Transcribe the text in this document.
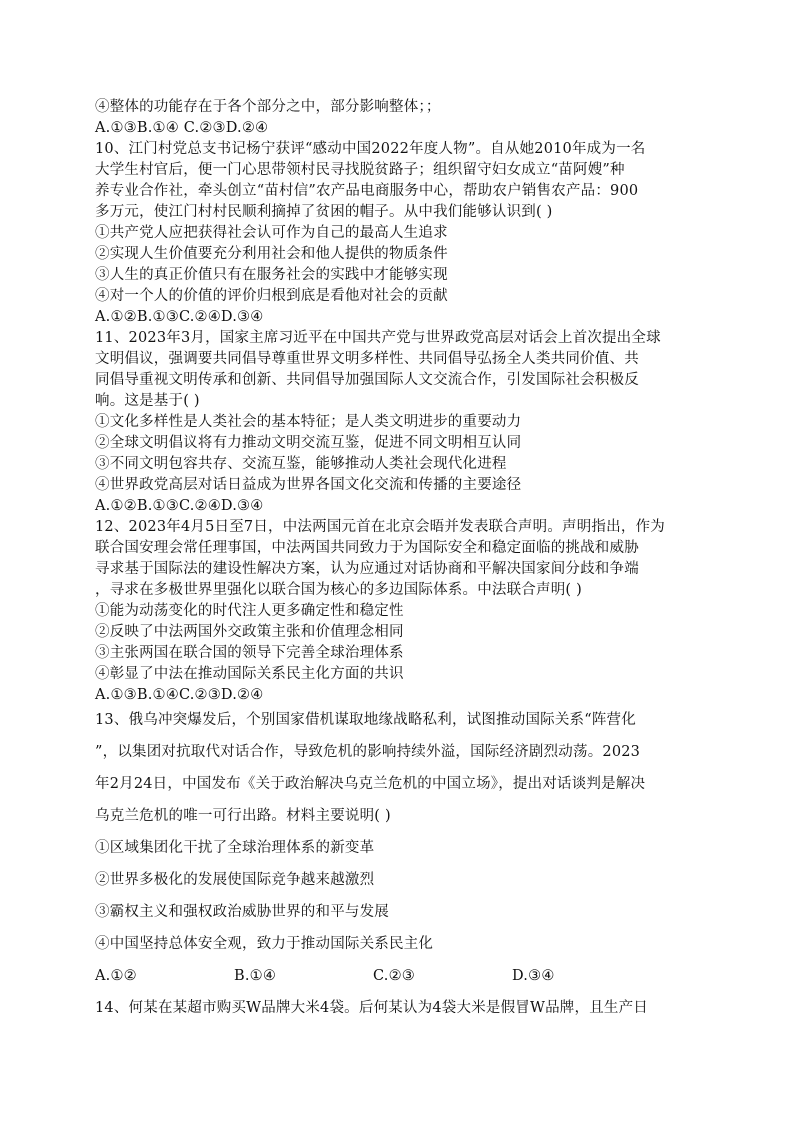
④整体的功能存在于各个部分之中，部分影响整体；；
A.①③B.①④ C.②③D.②④
10、江门村党总支书记杨宁获评“感动中国2022年度人物”。自从她2010年成为一名
大学生村官后，便一门心思带领村民寻找脱贫路子；组织留守妇女成立“苗阿嫂”种
养专业合作社，牵头创立“苗村信”农产品电商服务中心，帮助农户销售农产品：900
多万元，使江门村村民顺利摘掉了贫困的帽子。从中我们能够认识到( )
①共产党人应把获得社会认可作为自己的最高人生追求
②实现人生价值要充分利用社会和他人提供的物质条件
③人生的真正价值只有在服务社会的实践中才能够实现
④对一个人的价值的评价归根到底是看他对社会的贡献
A.①②B.①③C.②④D.③④
11、2023年3月，国家主席习近平在中国共产党与世界政党高层对话会上首次提出全球
文明倡议，强调要共同倡导尊重世界文明多样性、共同倡导弘扬全人类共同价值、共
同倡导重视文明传承和创新、共同倡导加强国际人文交流合作，引发国际社会积极反
响。这是基于( )
①文化多样性是人类社会的基本特征；是人类文明进步的重要动力
②全球文明倡议将有力推动文明交流互鉴，促进不同文明相互认同
③不同文明包容共存、交流互鉴，能够推动人类社会现代化进程
④世界政党高层对话日益成为世界各国文化交流和传播的主要途径
A.①②B.①③C.②④D.③④
12、2023年4月5日至7日，中法两国元首在北京会晤并发表联合声明。声明指出，作为
联合国安理会常任理事国，中法两国共同致力于为国际安全和稳定面临的挑战和威胁
寻求基于国际法的建设性解决方案，认为应通过对话协商和平解决国家间分歧和争端
，寻求在多极世界里强化以联合国为核心的多边国际体系。中法联合声明( )
①能为动荡变化的时代注人更多确定性和稳定性
②反映了中法两国外交政策主张和价值理念相同
③主张两国在联合国的领导下完善全球治理体系
④彰显了中法在推动国际关系民主化方面的共识
A.①③B.①④C.②③D.②④
13、俄乌冲突爆发后，个别国家借机谋取地缘战略私利，试图推动国际关系“阵营化
”，以集团对抗取代对话合作，导致危机的影响持续外溢，国际经济剧烈动荡。2023
年2月24日，中国发布《关于政治解决乌克兰危机的中国立场》，提出对话谈判是解决
乌克兰危机的唯一可行出路。材料主要说明( )
①区域集团化干扰了全球治理体系的新变革
②世界多极化的发展使国际竞争越来越激烈
③霸权主义和强权政治威胁世界的和平与发展
④中国坚持总体安全观，致力于推动国际关系民主化
A.①②	B.①④	C.②③	D.③④
14、何某在某超市购买W品牌大米4袋。后何某认为4袋大米是假冒W品牌，且生产日
